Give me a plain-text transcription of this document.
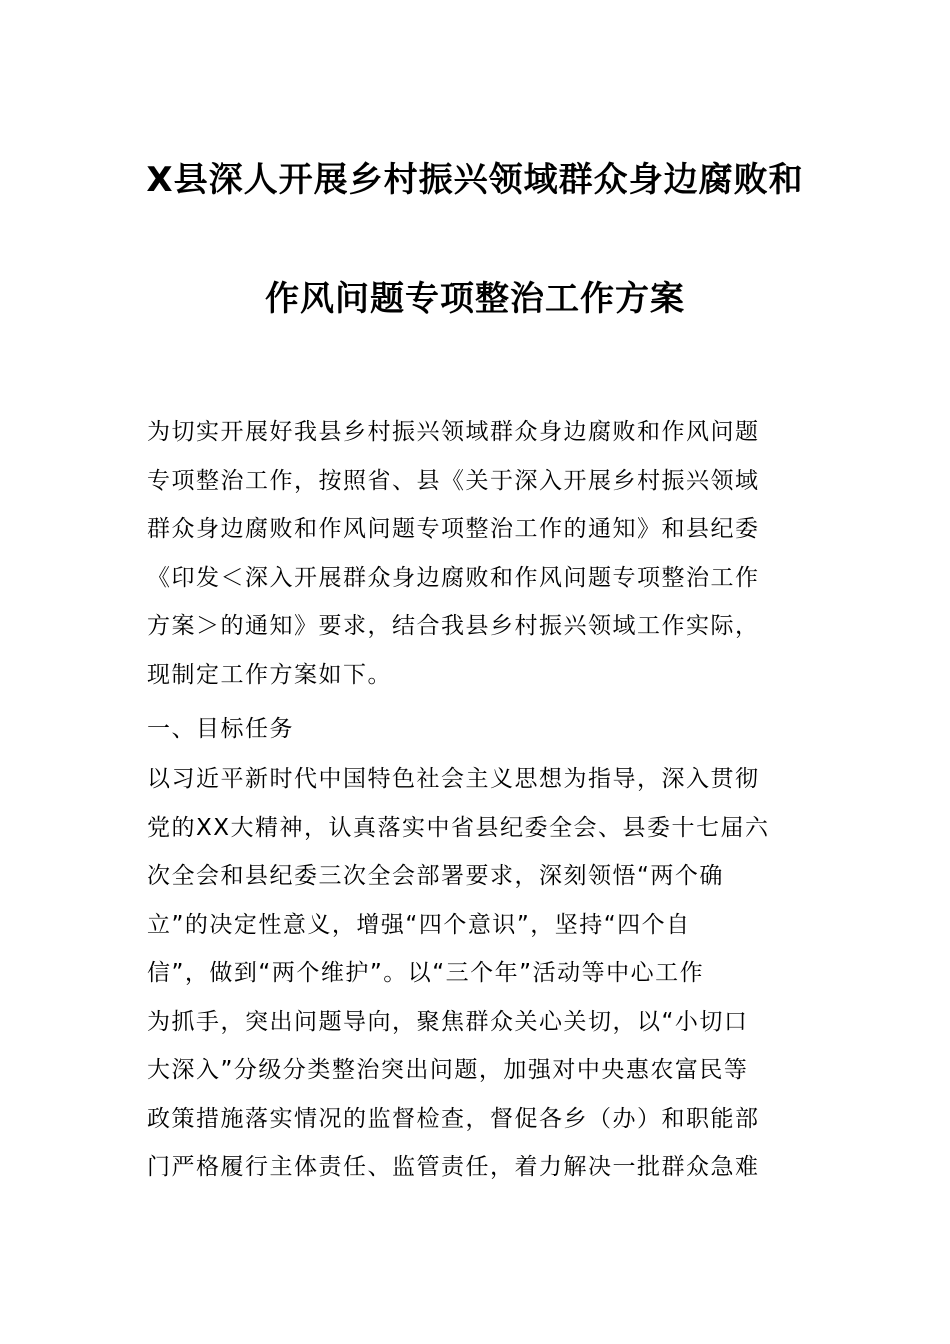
X县深人开展乡村振兴领域群众身边腐败和
作风问题专项整治工作方案
为切实开展好我县乡村振兴领域群众身边腐败和作风问题
专项整治工作，按照省、县《关于深入开展乡村振兴领域
群众身边腐败和作风问题专项整治工作的通知》和县纪委
《印发＜深入开展群众身边腐败和作风问题专项整治工作
方案＞的通知》要求，结合我县乡村振兴领域工作实际，
现制定工作方案如下。
一、目标任务
以习近平新时代中国特色社会主义思想为指导，深入贯彻
党的XX大精神，认真落实中省县纪委全会、县委十七届六
次全会和县纪委三次全会部署要求，深刻领悟“两个确
立”的决定性意义，增强“四个意识”，坚持“四个自
信”，做到“两个维护”。以“三个年”活动等中心工作
为抓手，突出问题导向，聚焦群众关心关切，以“小切口
大深入”分级分类整治突出问题，加强对中央惠农富民等
政策措施落实情况的监督检查，督促各乡（办）和职能部
门严格履行主体责任、监管责任，着力解决一批群众急难
